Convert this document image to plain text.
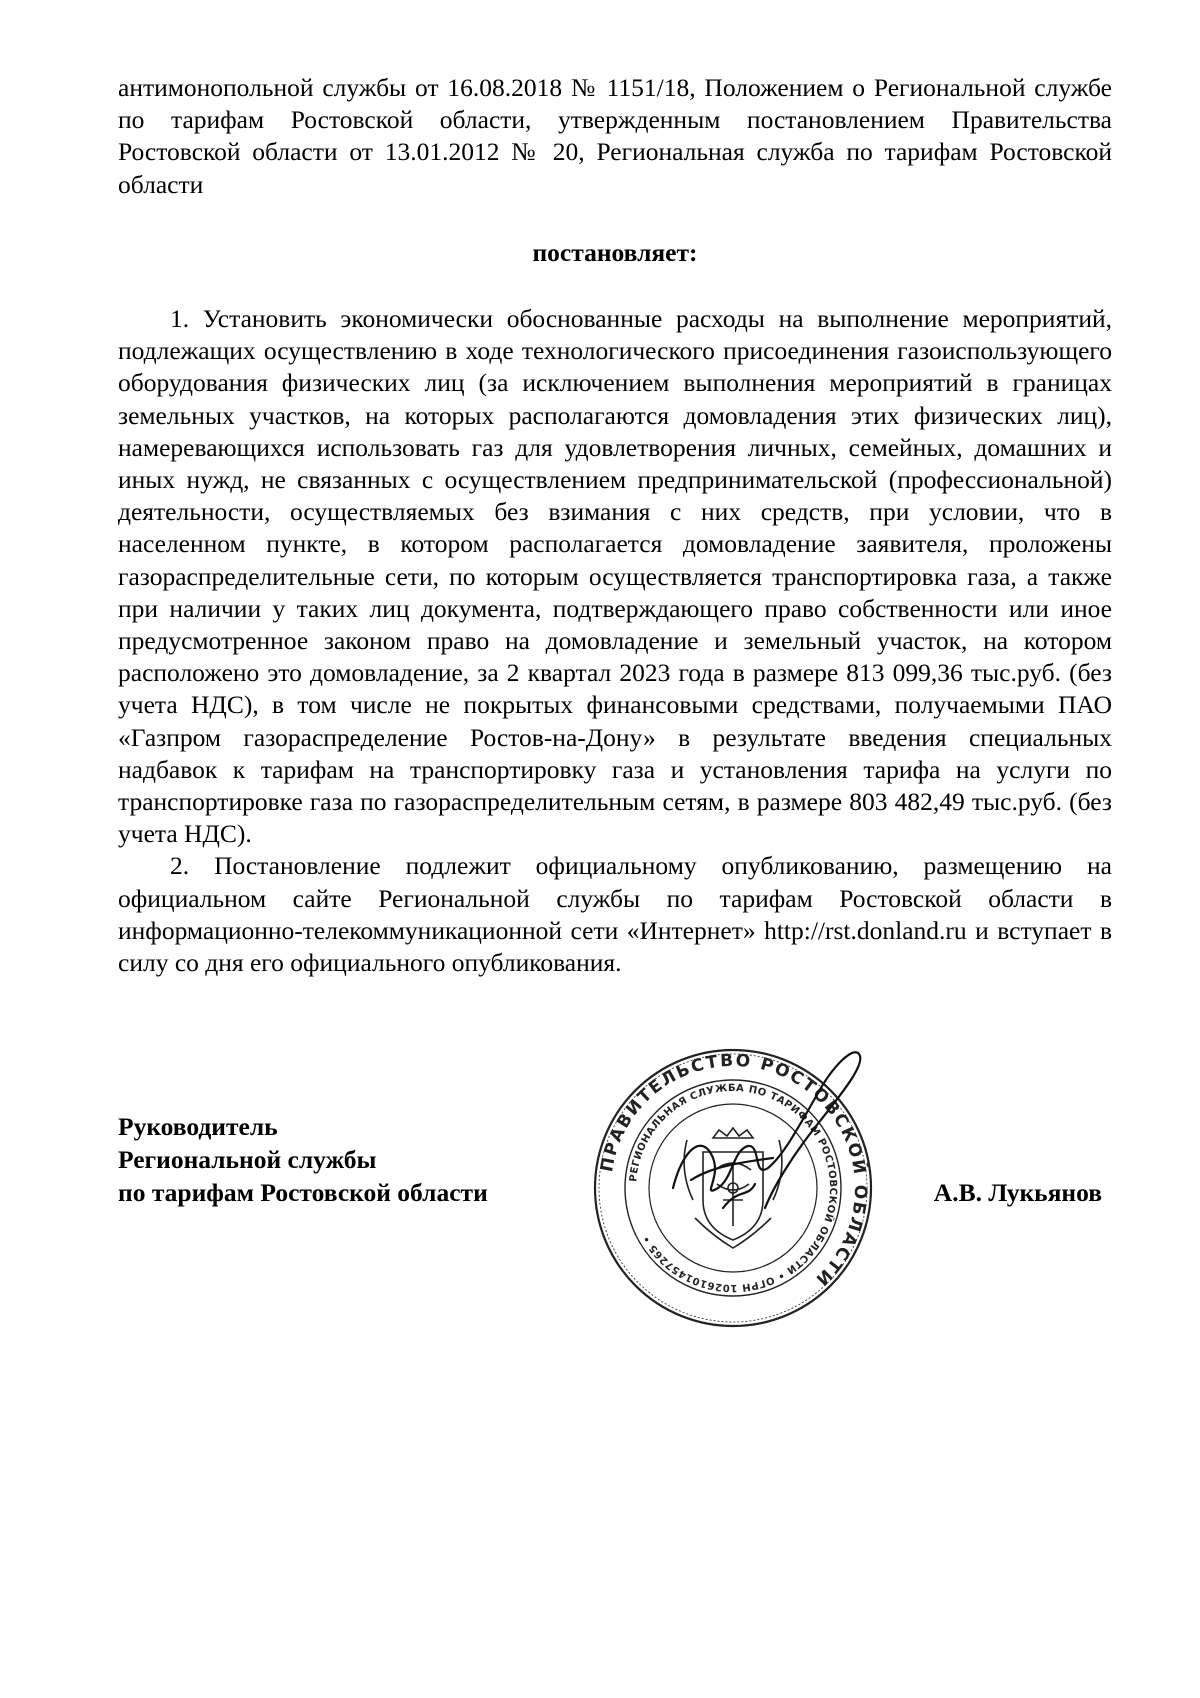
антимонопольной службы от 16.08.2018 № 1151/18, Положением о Региональной службе по тарифам Ростовской области, утвержденным постановлением Правительства Ростовской области от 13.01.2012 № 20, Региональная служба по тарифам Ростовской области

постановляет:

1. Установить экономически обоснованные расходы на выполнение мероприятий, подлежащих осуществлению в ходе технологического присоединения газоиспользующего оборудования физических лиц (за исключением выполнения мероприятий в границах земельных участков, на которых располагаются домовладения этих физических лиц), намеревающихся использовать газ для удовлетворения личных, семейных, домашних и иных нужд, не связанных с осуществлением предпринимательской (профессиональной) деятельности, осуществляемых без взимания с них средств, при условии, что в населенном пункте, в котором располагается домовладение заявителя, проложены газораспределительные сети, по которым осуществляется транспортировка газа, а также при наличии у таких лиц документа, подтверждающего право собственности или иное предусмотренное законом право на домовладение и земельный участок, на котором расположено это домовладение, за 2 квартал 2023 года в размере 813 099,36 тыс.руб. (без учета НДС), в том числе не покрытых финансовыми средствами, получаемыми ПАО «Газпром газораспределение Ростов-на-Дону» в результате введения специальных надбавок к тарифам на транспортировку газа и установления тарифа на услуги по транспортировке газа по газораспределительным сетям, в размере 803 482,49 тыс.руб. (без учета НДС).

2. Постановление подлежит официальному опубликованию, размещению на официальном сайте Региональной службы по тарифам Ростовской области в информационно-телекоммуникационной сети «Интернет» http://rst.donland.ru и вступает в силу со дня его официального опубликования.

Руководитель
Региональной службы
по тарифам Ростовской области
ПРАВИТЕЛЬСТВО РОСТОВСКОЙ ОБЛАСТИ
РЕГИОНАЛЬНАЯ СЛУЖБА ПО ТАРИФАМ РОСТОВСКОЙ ОБЛАСТИ • ОГРН 1026101457265 •
А.В. Лукьянов
